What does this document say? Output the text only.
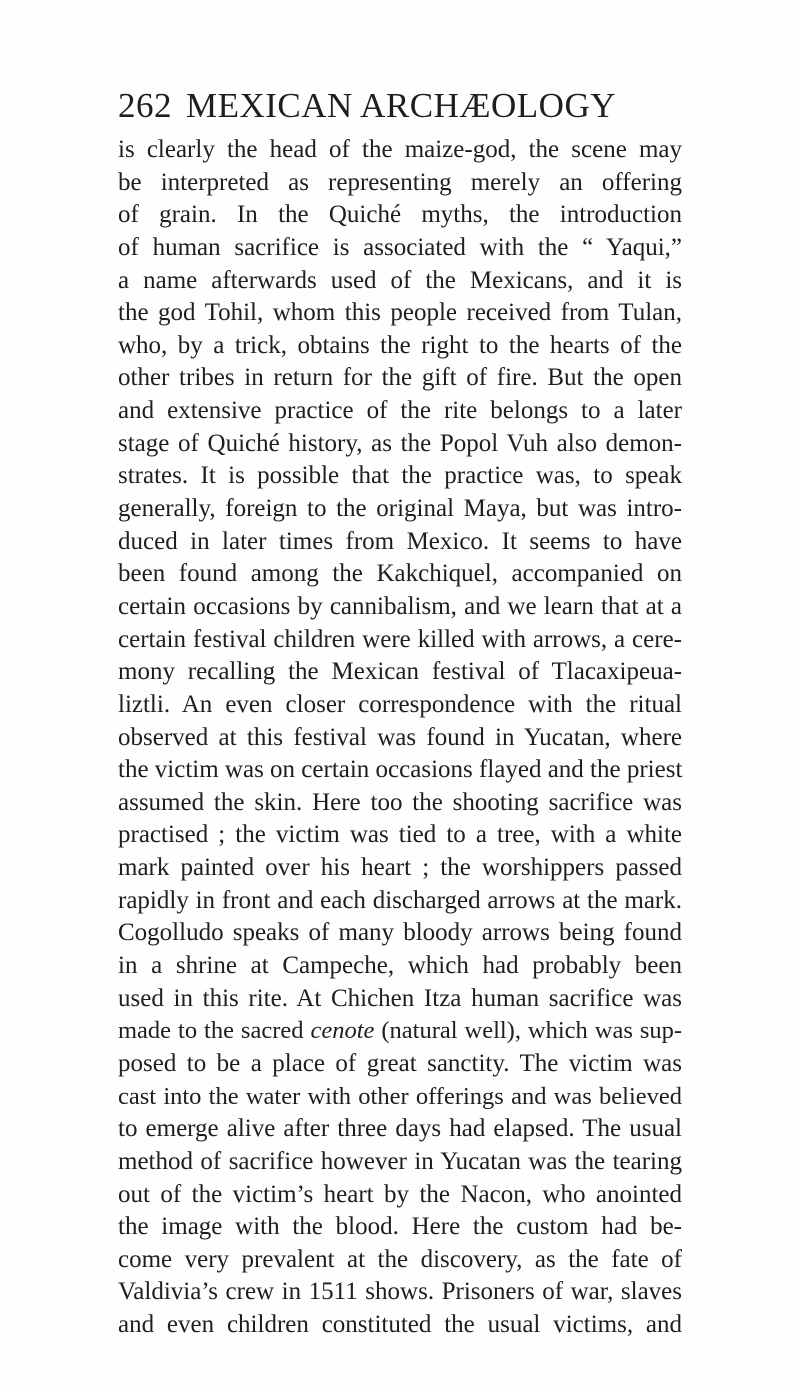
262 MEXICAN ARCHÆOLOGY
is clearly the head of the maize-god, the scene may
be interpreted as representing merely an offering
of grain. In the Quiché myths, the introduction
of human sacrifice is associated with the “ Yaqui,”
a name afterwards used of the Mexicans, and it is
the god Tohil, whom this people received from Tulan,
who, by a trick, obtains the right to the hearts of the
other tribes in return for the gift of fire. But the open
and extensive practice of the rite belongs to a later
stage of Quiché history, as the Popol Vuh also demon-
strates. It is possible that the practice was, to speak
generally, foreign to the original Maya, but was intro-
duced in later times from Mexico. It seems to have
been found among the Kakchiquel, accompanied on
certain occasions by cannibalism, and we learn that at a
certain festival children were killed with arrows, a cere-
mony recalling the Mexican festival of Tlacaxipeua-
liztli. An even closer correspondence with the ritual
observed at this festival was found in Yucatan, where
the victim was on certain occasions flayed and the priest
assumed the skin. Here too the shooting sacrifice was
practised ; the victim was tied to a tree, with a white
mark painted over his heart ; the worshippers passed
rapidly in front and each discharged arrows at the mark.
Cogolludo speaks of many bloody arrows being found
in a shrine at Campeche, which had probably been
used in this rite. At Chichen Itza human sacrifice was
made to the sacred cenote (natural well), which was sup-
posed to be a place of great sanctity. The victim was
cast into the water with other offerings and was believed
to emerge alive after three days had elapsed. The usual
method of sacrifice however in Yucatan was the tearing
out of the victim’s heart by the Nacon, who anointed
the image with the blood. Here the custom had be-
come very prevalent at the discovery, as the fate of
Valdivia’s crew in 1511 shows. Prisoners of war, slaves
and even children constituted the usual victims, and
